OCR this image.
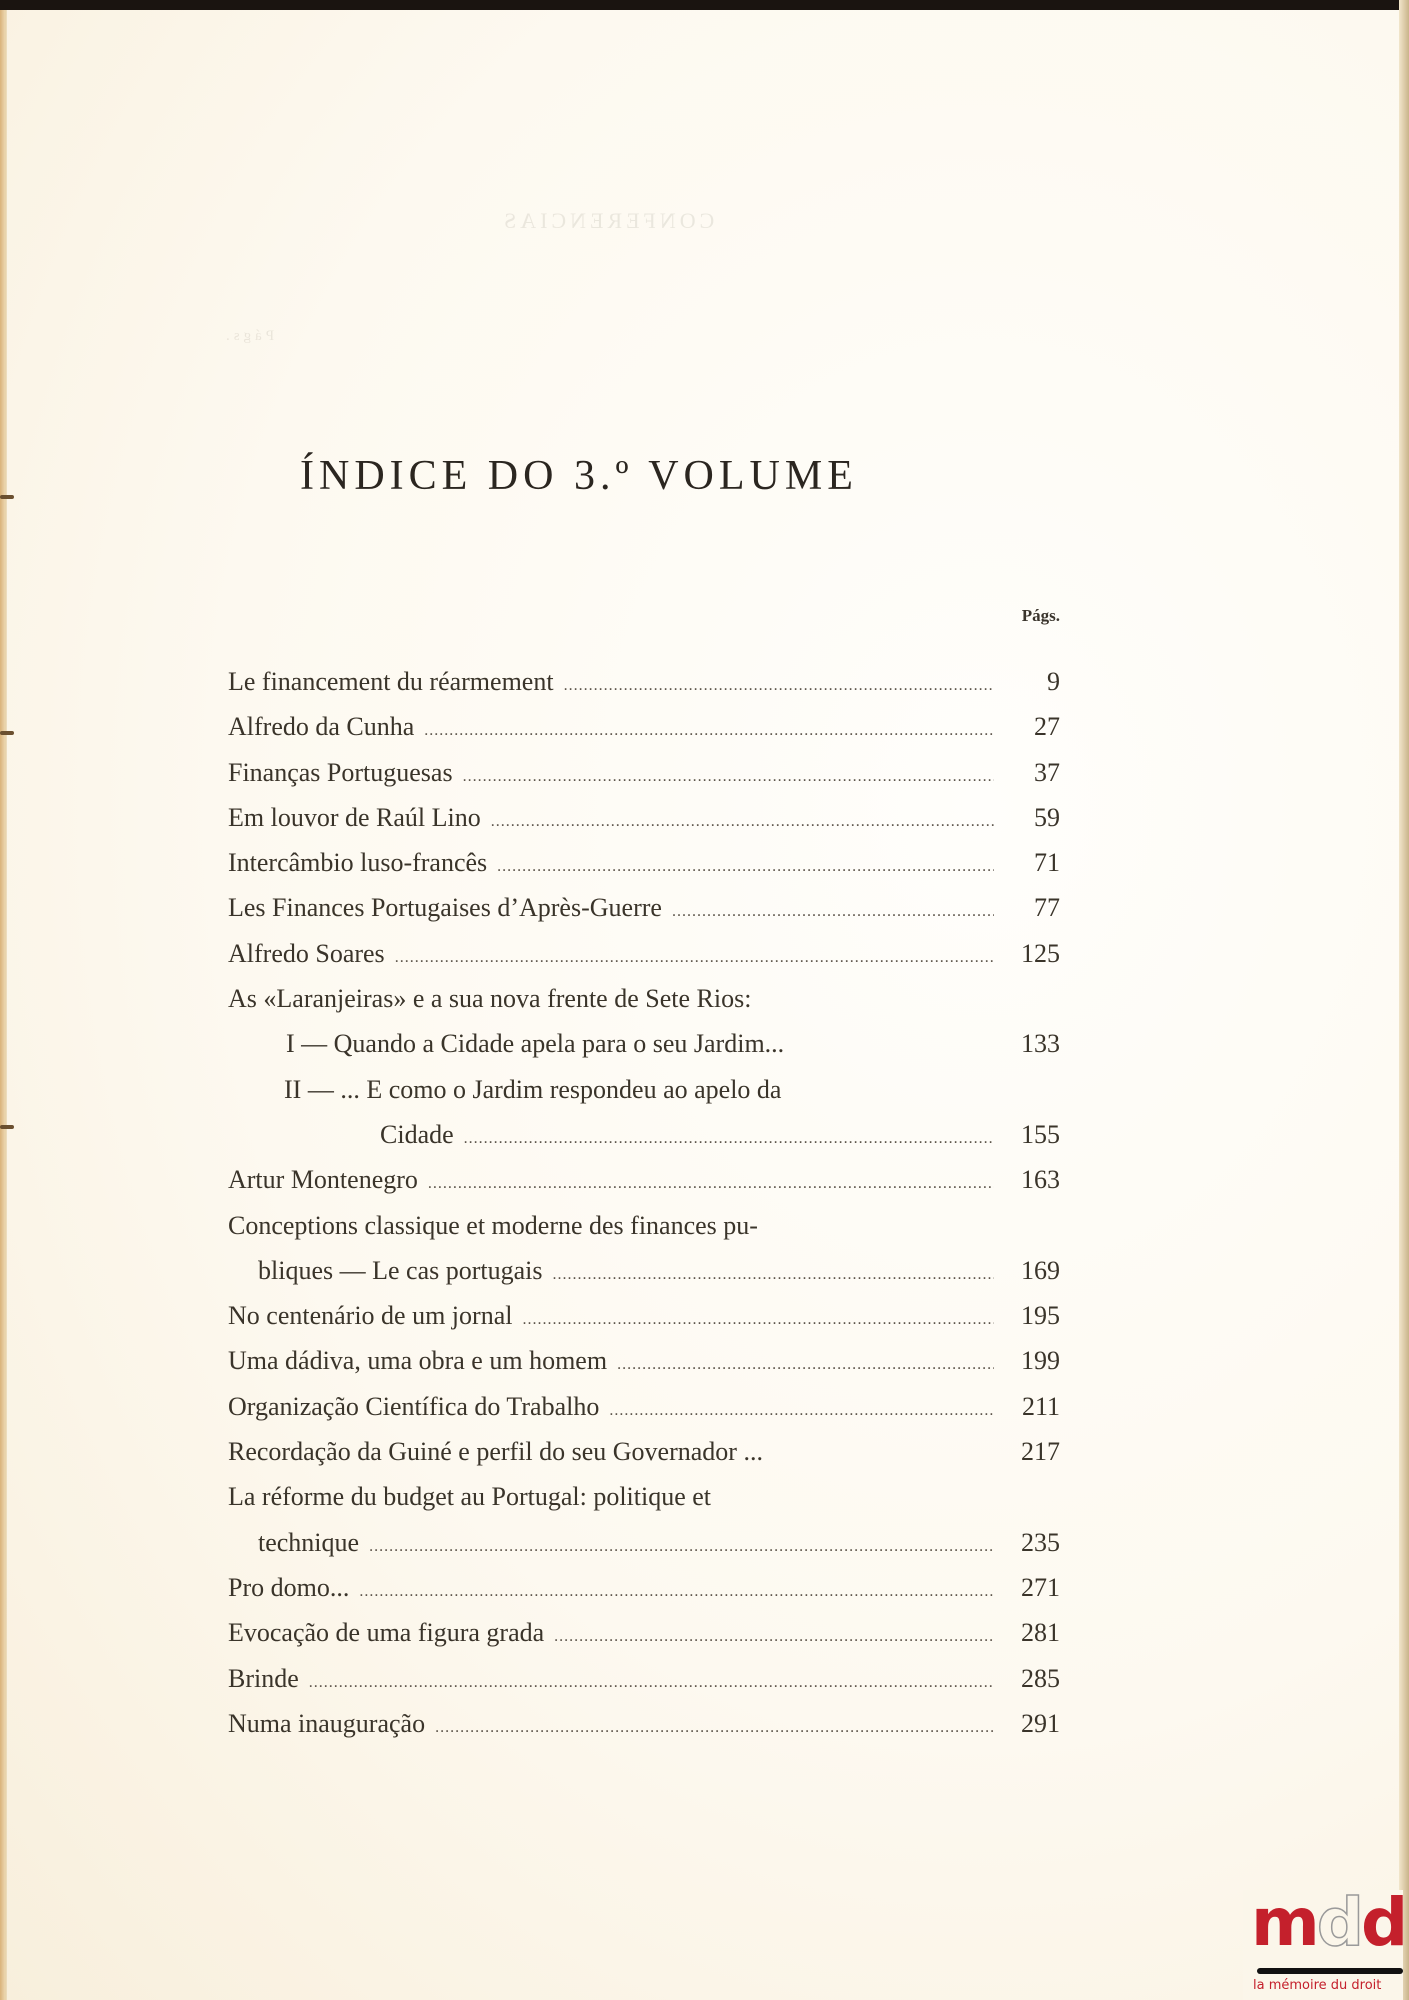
CONFERENCIAS
Págs.
ÍNDICE DO 3.º VOLUME
Págs.
Le financement du réarmement .....	9
Alfredo da Cunha .....	27
Finanças Portuguesas .....	37
Em louvor de Raúl Lino .....	59
Intercâmbio luso-francês .....	71
Les Finances Portugaises d’Après-Guerre .....	77
Alfredo Soares .....	125
As «Laranjeiras» e a sua nova frente de Sete Rios:
I — Quando a Cidade apela para o seu Jardim...	133
II — ... E como o Jardim respondeu ao apelo da
Cidade .....	155
Artur Montenegro .....	163
Conceptions classique et moderne des finances pu-
bliques — Le cas portugais .....	169
No centenário de um jornal .....	195
Uma dádiva, uma obra e um homem .....	199
Organização Científica do Trabalho .....	211
Recordação da Guiné e perfil do seu Governador ...	217
La réforme du budget au Portugal: politique et
technique .....	235
Pro domo... .....	271
Evocação de uma figura grada .....	281
Brinde .....	285
Numa inauguração .....	291
mdd
la mémoire du droit
